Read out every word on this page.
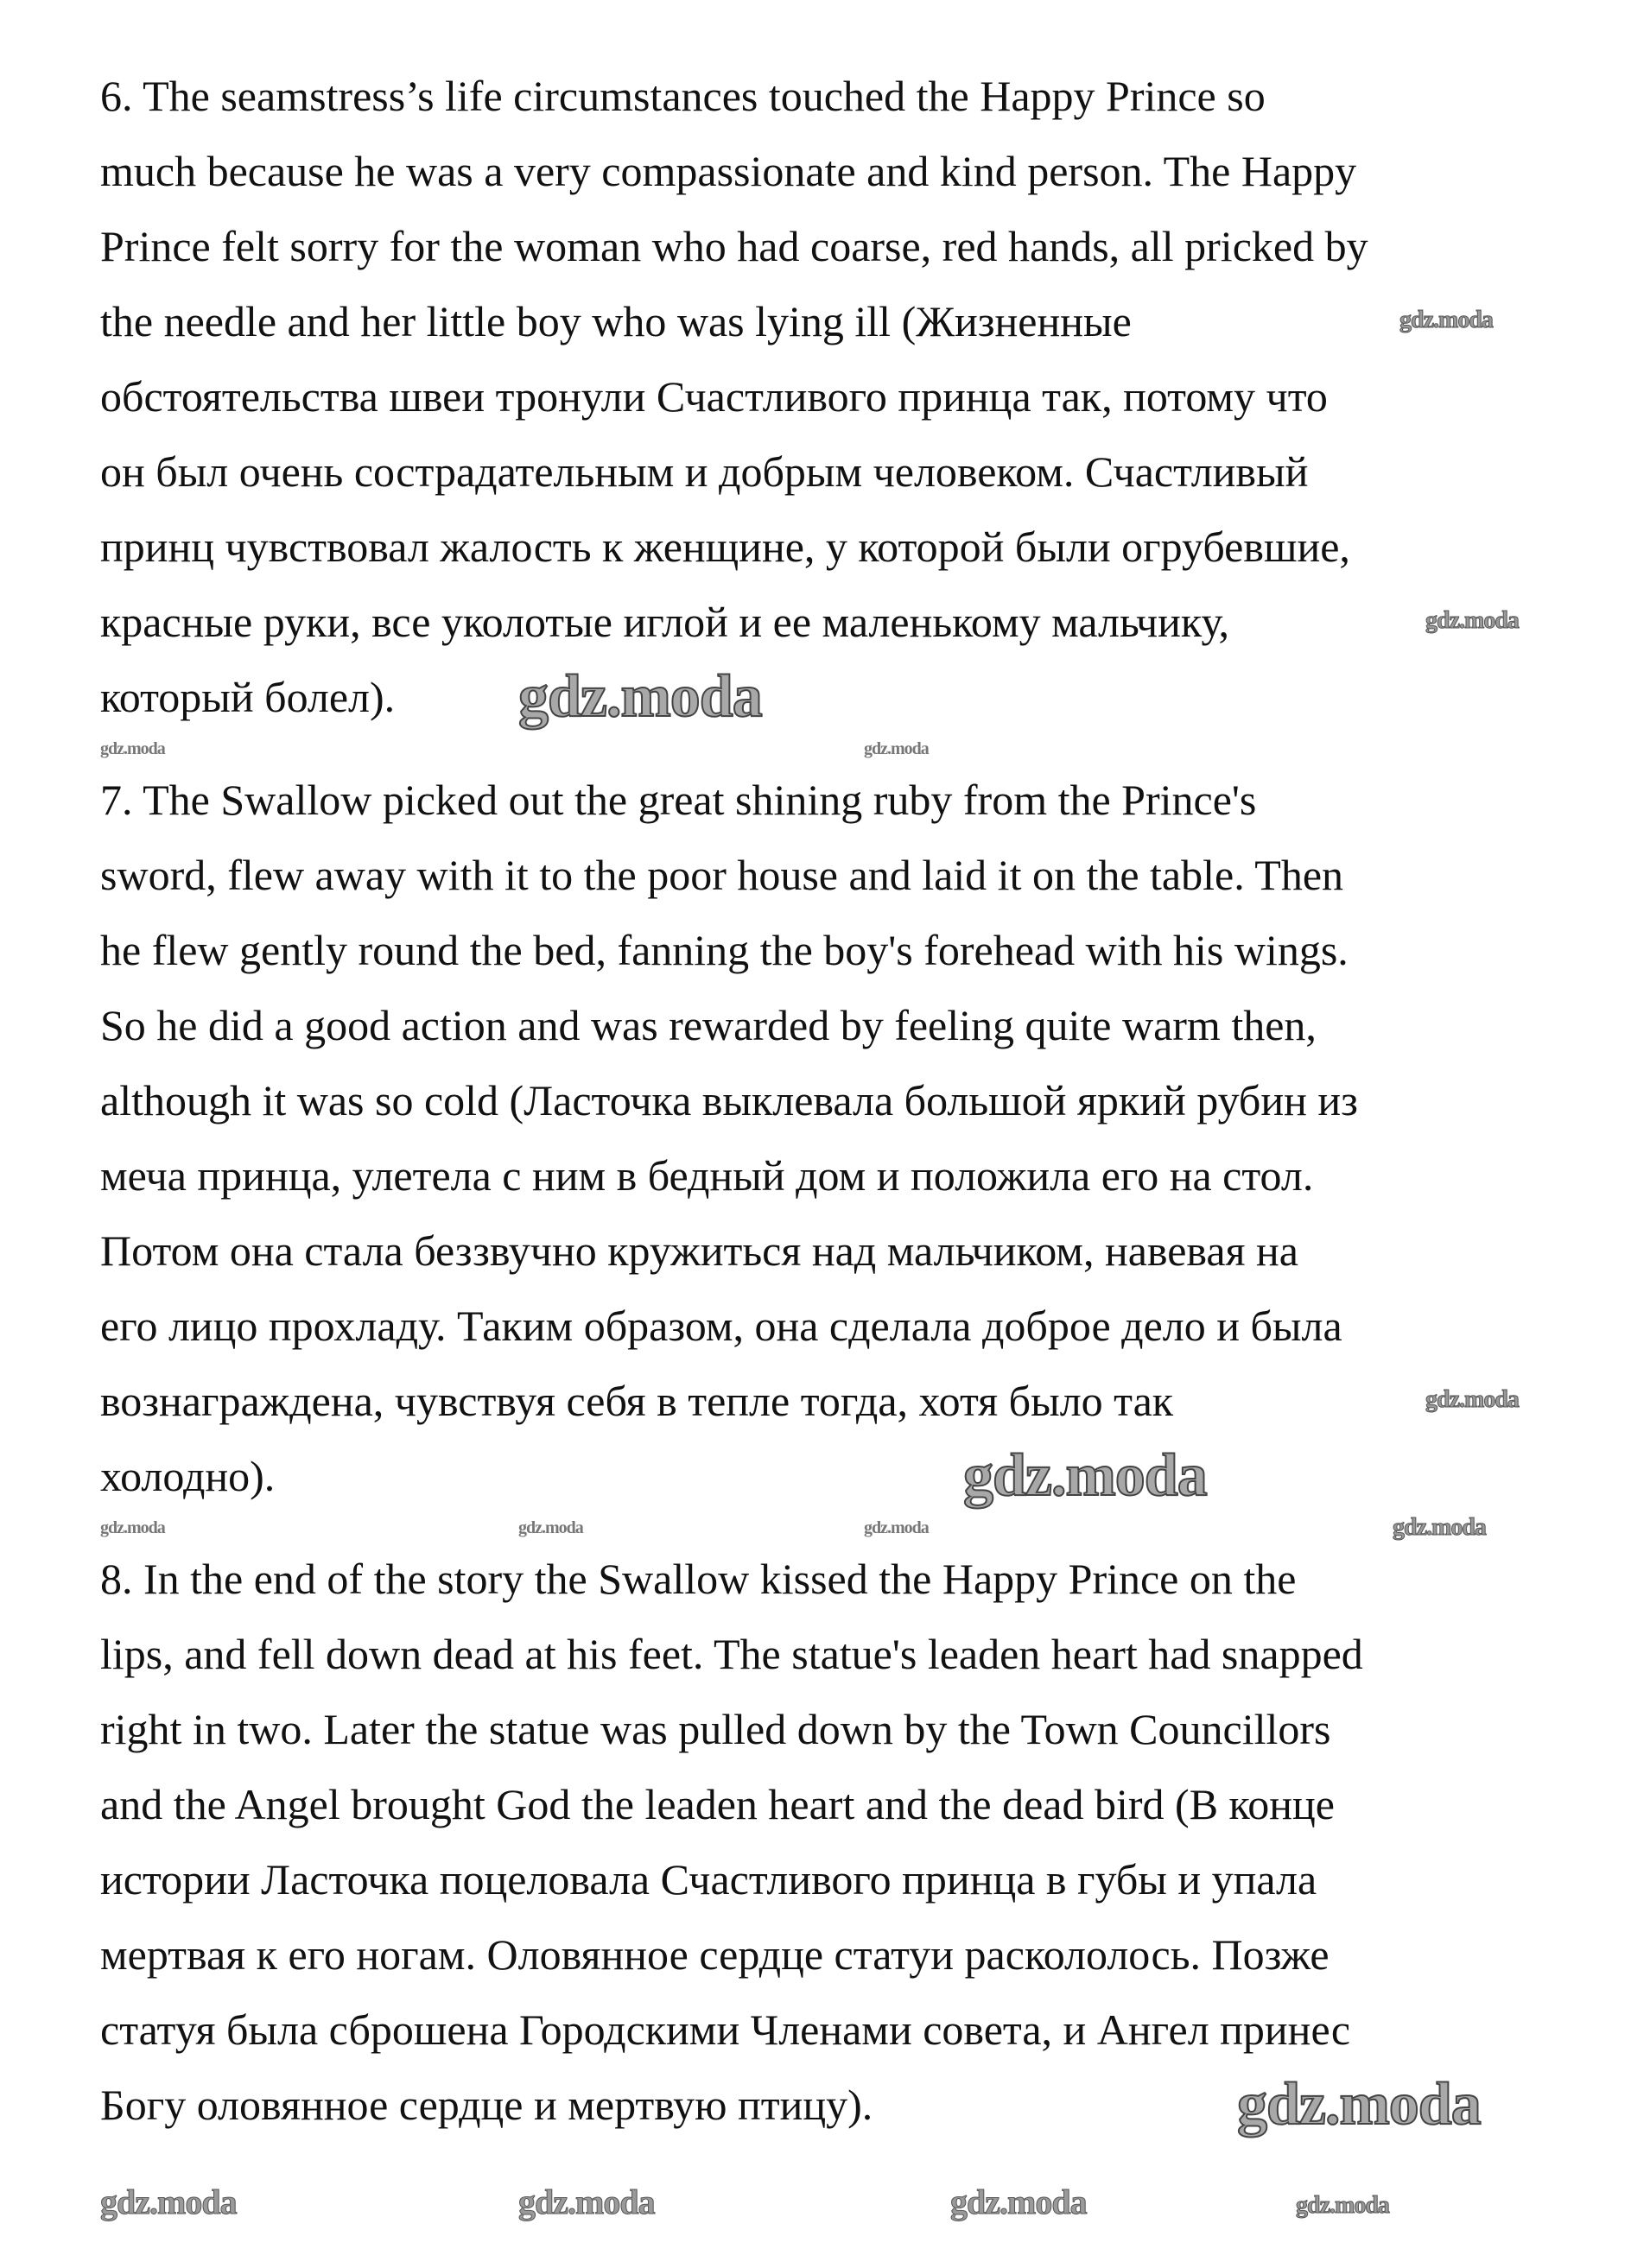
6. The seamstress’s life circumstances touched the Happy Prince so
much because he was a very compassionate and kind person. The Happy
Prince felt sorry for the woman who had coarse, red hands, all pricked by
the needle and her little boy who was lying ill (Жизненные
обстоятельства швеи тронули Счастливого принца так, потому что
он был очень сострадательным и добрым человеком. Счастливый
принц чувствовал жалость к женщине, у которой были огрубевшие,
красные руки, все уколотые иглой и ее маленькому мальчику,
который болел).
7. The Swallow picked out the great shining ruby from the Prince's
sword, flew away with it to the poor house and laid it on the table. Then
he flew gently round the bed, fanning the boy's forehead with his wings.
So he did a good action and was rewarded by feeling quite warm then,
although it was so cold (Ласточка выклевала большой яркий рубин из
меча принца, улетела с ним в бедный дом и положила его на стол.
Потом она стала беззвучно кружиться над мальчиком, навевая на
его лицо прохладу. Таким образом, она сделала доброе дело и была
вознаграждена, чувствуя себя в тепле тогда, хотя было так
холодно).
8. In the end of the story the Swallow kissed the Happy Prince on the
lips, and fell down dead at his feet. The statue's leaden heart had snapped
right in two. Later the statue was pulled down by the Town Councillors
and the Angel brought God the leaden heart and the dead bird (В конце
истории Ласточка поцеловала Счастливого принца в губы и упала
мертвая к его ногам. Оловянное сердце статуи раскололось. Позже
статуя была сброшена Городскими Членами совета, и Ангел принес
Богу оловянное сердце и мертвую птицу).
gdz.moda
gdz.moda
gdz.moda
gdz.moda	gdz.moda
gdz.moda
gdz.moda
gdz.moda	gdz.moda	gdz.moda
gdz.moda
gdz.moda	gdz.moda	gdz.moda	gdz.moda
gdz.moda
